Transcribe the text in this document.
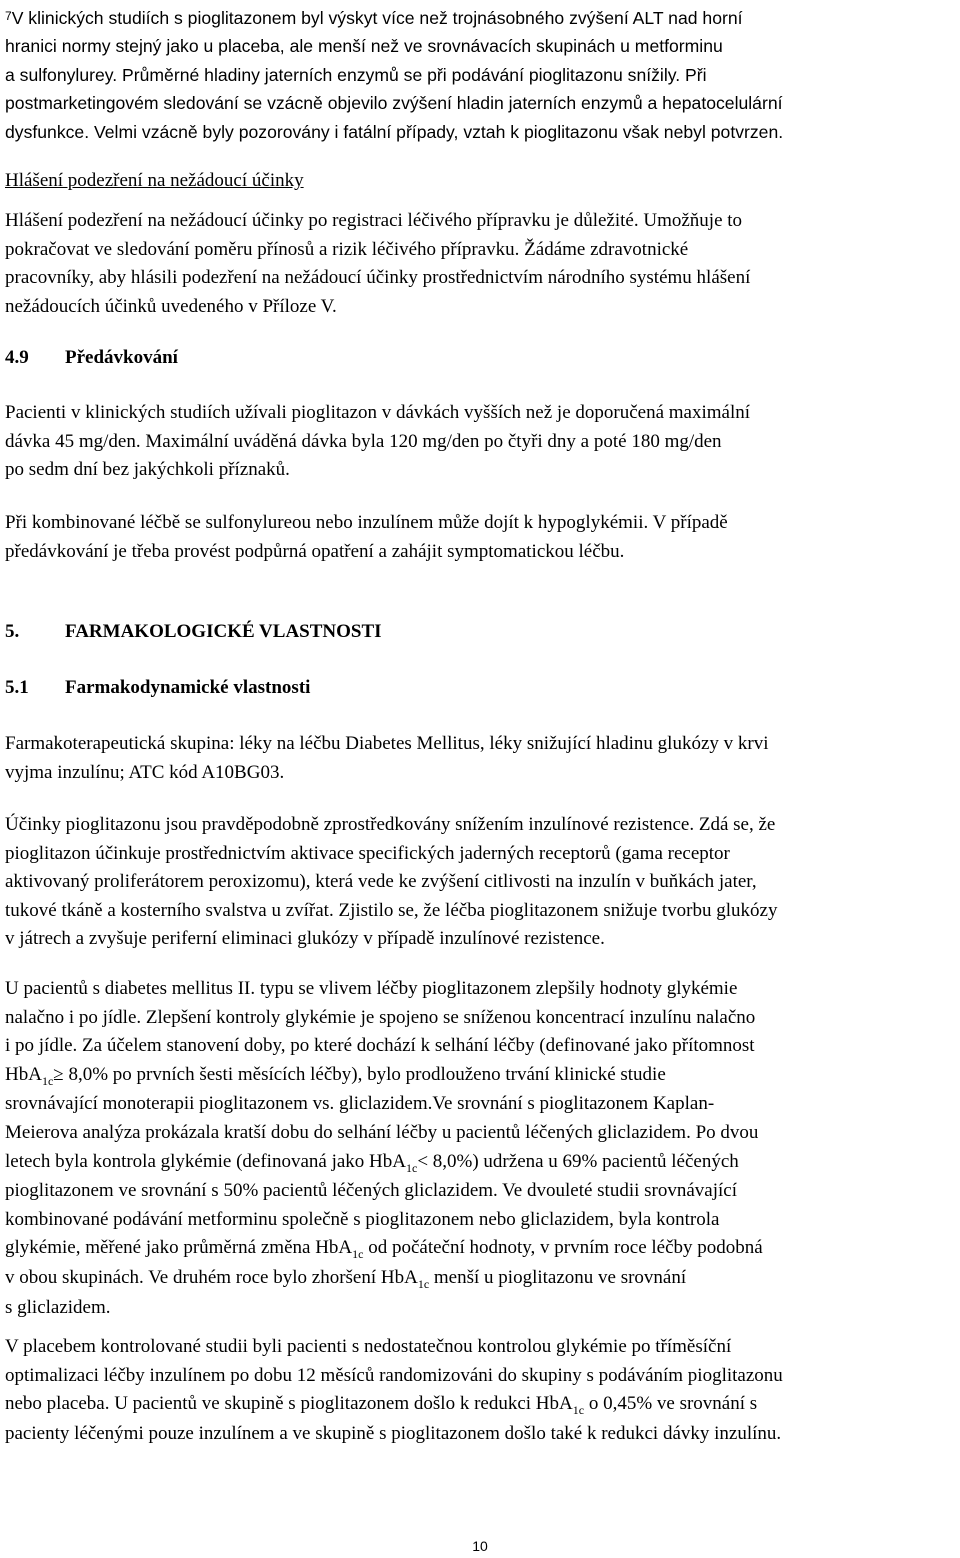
$^7$V klinických studiích s pioglitazonem byl výskyt více než trojnásobného zvýšení ALT nad horní
hranici normy stejný jako u placeba, ale menší než ve srovnávacích skupinách u metforminu
a sulfonylurey. Průměrné hladiny jaterních enzymů se při podávání pioglitazonu snížily. Při
postmarketingovém sledování se vzácně objevilo zvýšení hladin jaterních enzymů a hepatocelulární
dysfunkce. Velmi vzácně byly pozorovány i fatální případy, vztah k pioglitazonu však nebyl potvrzen.
Hlášení podezření na nežádoucí účinky
Hlášení podezření na nežádoucí účinky po registraci léčivého přípravku je důležité. Umožňuje to
pokračovat ve sledování poměru přínosů a rizik léčivého přípravku. Žádáme zdravotnické
pracovníky, aby hlásili podezření na nežádoucí účinky prostřednictvím národního systému hlášení
nežádoucích účinků uvedeného v Příloze V.
4.9 Předávkování
Pacienti v klinických studiích užívali pioglitazon v dávkách vyšších než je doporučená maximální
dávka 45 mg/den. Maximální uváděná dávka byla 120 mg/den po čtyři dny a poté 180 mg/den
po sedm dní bez jakýchkoli příznaků.
Při kombinované léčbě se sulfonylureou nebo inzulínem může dojít k hypoglykémii. V případě
předávkování je třeba provést podpůrná opatření a zahájit symptomatickou léčbu.
5. FARMAKOLOGICKÉ VLASTNOSTI
5.1 Farmakodynamické vlastnosti
Farmakoterapeutická skupina: léky na léčbu Diabetes Mellitus, léky snižující hladinu glukózy v krvi
vyjma inzulínu; ATC kód A10BG03.
Účinky pioglitazonu jsou pravděpodobně zprostředkovány snížením inzulínové rezistence. Zdá se, že
pioglitazon účinkuje prostřednictvím aktivace specifických jaderných receptorů (gama receptor
aktivovaný proliferátorem peroxizomu), která vede ke zvýšení citlivosti na inzulín v buňkách jater,
tukové tkáně a kosterního svalstva u zvířat. Zjistilo se, že léčba pioglitazonem snižuje tvorbu glukózy
v játrech a zvyšuje periferní eliminaci glukózy v případě inzulínové rezistence.
U pacientů s diabetes mellitus II. typu se vlivem léčby pioglitazonem zlepšily hodnoty glykémie
nalačno i po jídle. Zlepšení kontroly glykémie je spojeno se sníženou koncentrací inzulínu nalačno
i po jídle. Za účelem stanovení doby, po které dochází k selhání léčby (definované jako přítomnost
HbA$_{1c}$≥ 8,0% po prvních šesti měsících léčby), bylo prodlouženo trvání klinické studie
srovnávající monoterapii pioglitazonem vs. gliclazidem.Ve srovnání s pioglitazonem Kaplan-
Meierova analýza prokázala kratší dobu do selhání léčby u pacientů léčených gliclazidem. Po dvou
letech byla kontrola glykémie (definovaná jako HbA$_{1c}$< 8,0%) udržena u 69% pacientů léčených
pioglitazonem ve srovnání s 50% pacientů léčených gliclazidem. Ve dvouleté studii srovnávající
kombinované podávání metforminu společně s pioglitazonem nebo gliclazidem, byla kontrola
glykémie, měřené jako průměrná změna HbA$_{1c}$ od počáteční hodnoty, v prvním roce léčby podobná
v obou skupinách. Ve druhém roce bylo zhoršení HbA$_{1c}$ menší u pioglitazonu ve srovnání
s gliclazidem.
V placebem kontrolované studii byli pacienti s nedostatečnou kontrolou glykémie po tříměsíční
optimalizaci léčby inzulínem po dobu 12 měsíců randomizováni do skupiny s podáváním pioglitazonu
nebo placeba. U pacientů ve skupině s pioglitazonem došlo k redukci HbA$_{1c}$ o 0,45% ve srovnání s
pacienty léčenými pouze inzulínem a ve skupině s pioglitazonem došlo také k redukci dávky inzulínu.
10
